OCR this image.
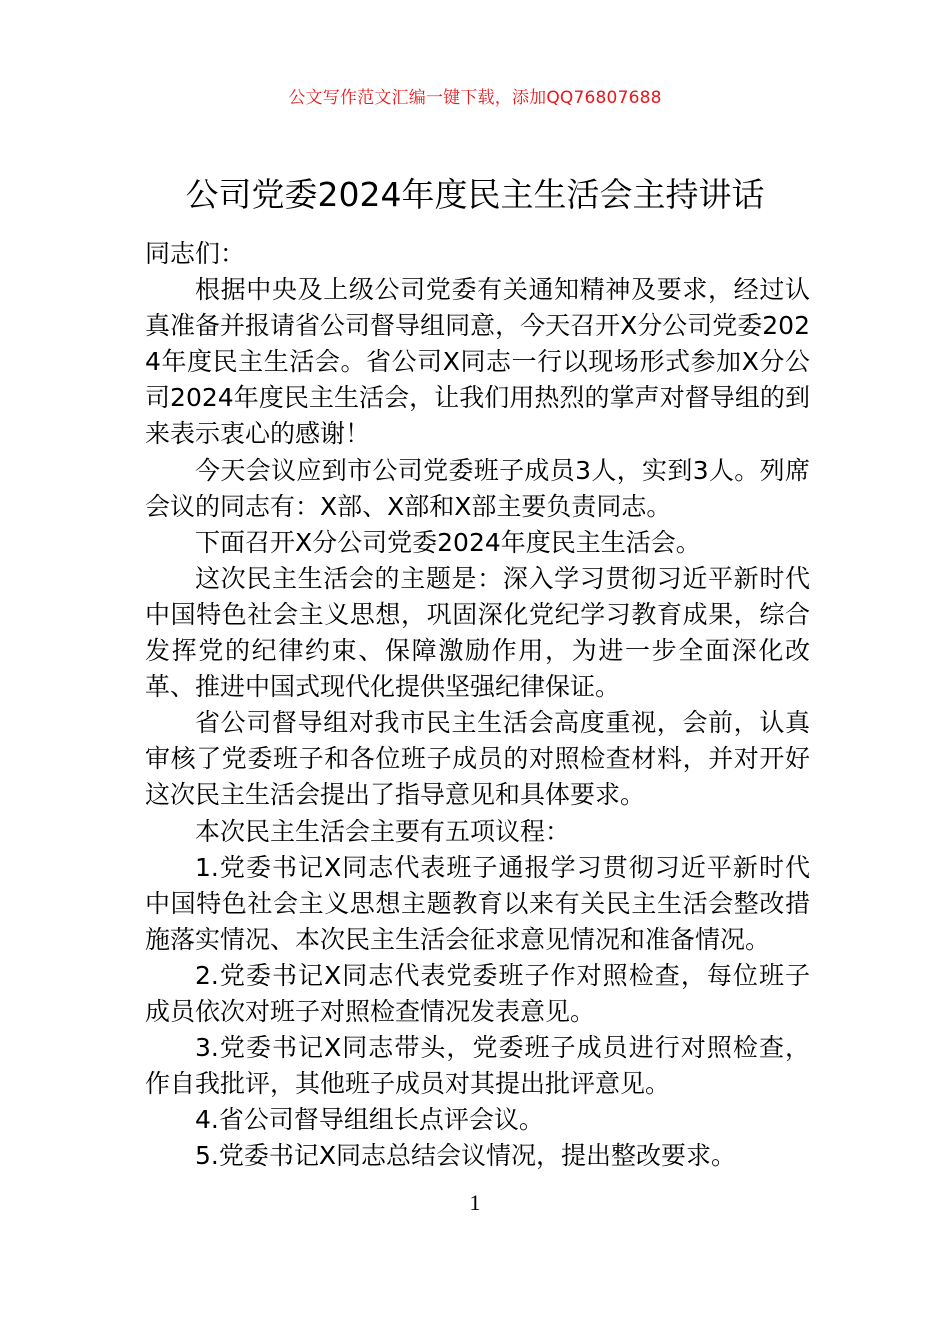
公文写作范文汇编一键下载，添加QQ76807688
公司党委2024年度民主生活会主持讲话

同志们：

根据中央及上级公司党委有关通知精神及要求，经过认真准备并报请省公司督导组同意，今天召开X分公司党委2024年度民主生活会。省公司X同志一行以现场形式参加X分公司2024年度民主生活会，让我们用热烈的掌声对督导组的到来表示衷心的感谢！

今天会议应到市公司党委班子成员3人，实到3人。列席会议的同志有：X部、X部和X部主要负责同志。

下面召开X分公司党委2024年度民主生活会。

这次民主生活会的主题是：深入学习贯彻习近平新时代中国特色社会主义思想，巩固深化党纪学习教育成果，综合发挥党的纪律约束、保障激励作用，为进一步全面深化改革、推进中国式现代化提供坚强纪律保证。

省公司督导组对我市民主生活会高度重视，会前，认真审核了党委班子和各位班子成员的对照检查材料，并对开好这次民主生活会提出了指导意见和具体要求。

本次民主生活会主要有五项议程：

1.党委书记X同志代表班子通报学习贯彻习近平新时代中国特色社会主义思想主题教育以来有关民主生活会整改措施落实情况、本次民主生活会征求意见情况和准备情况。

2.党委书记X同志代表党委班子作对照检查，每位班子成员依次对班子对照检查情况发表意见。

3.党委书记X同志带头，党委班子成员进行对照检查，作自我批评，其他班子成员对其提出批评意见。

4.省公司督导组组长点评会议。

5.党委书记X同志总结会议情况，提出整改要求。

1
